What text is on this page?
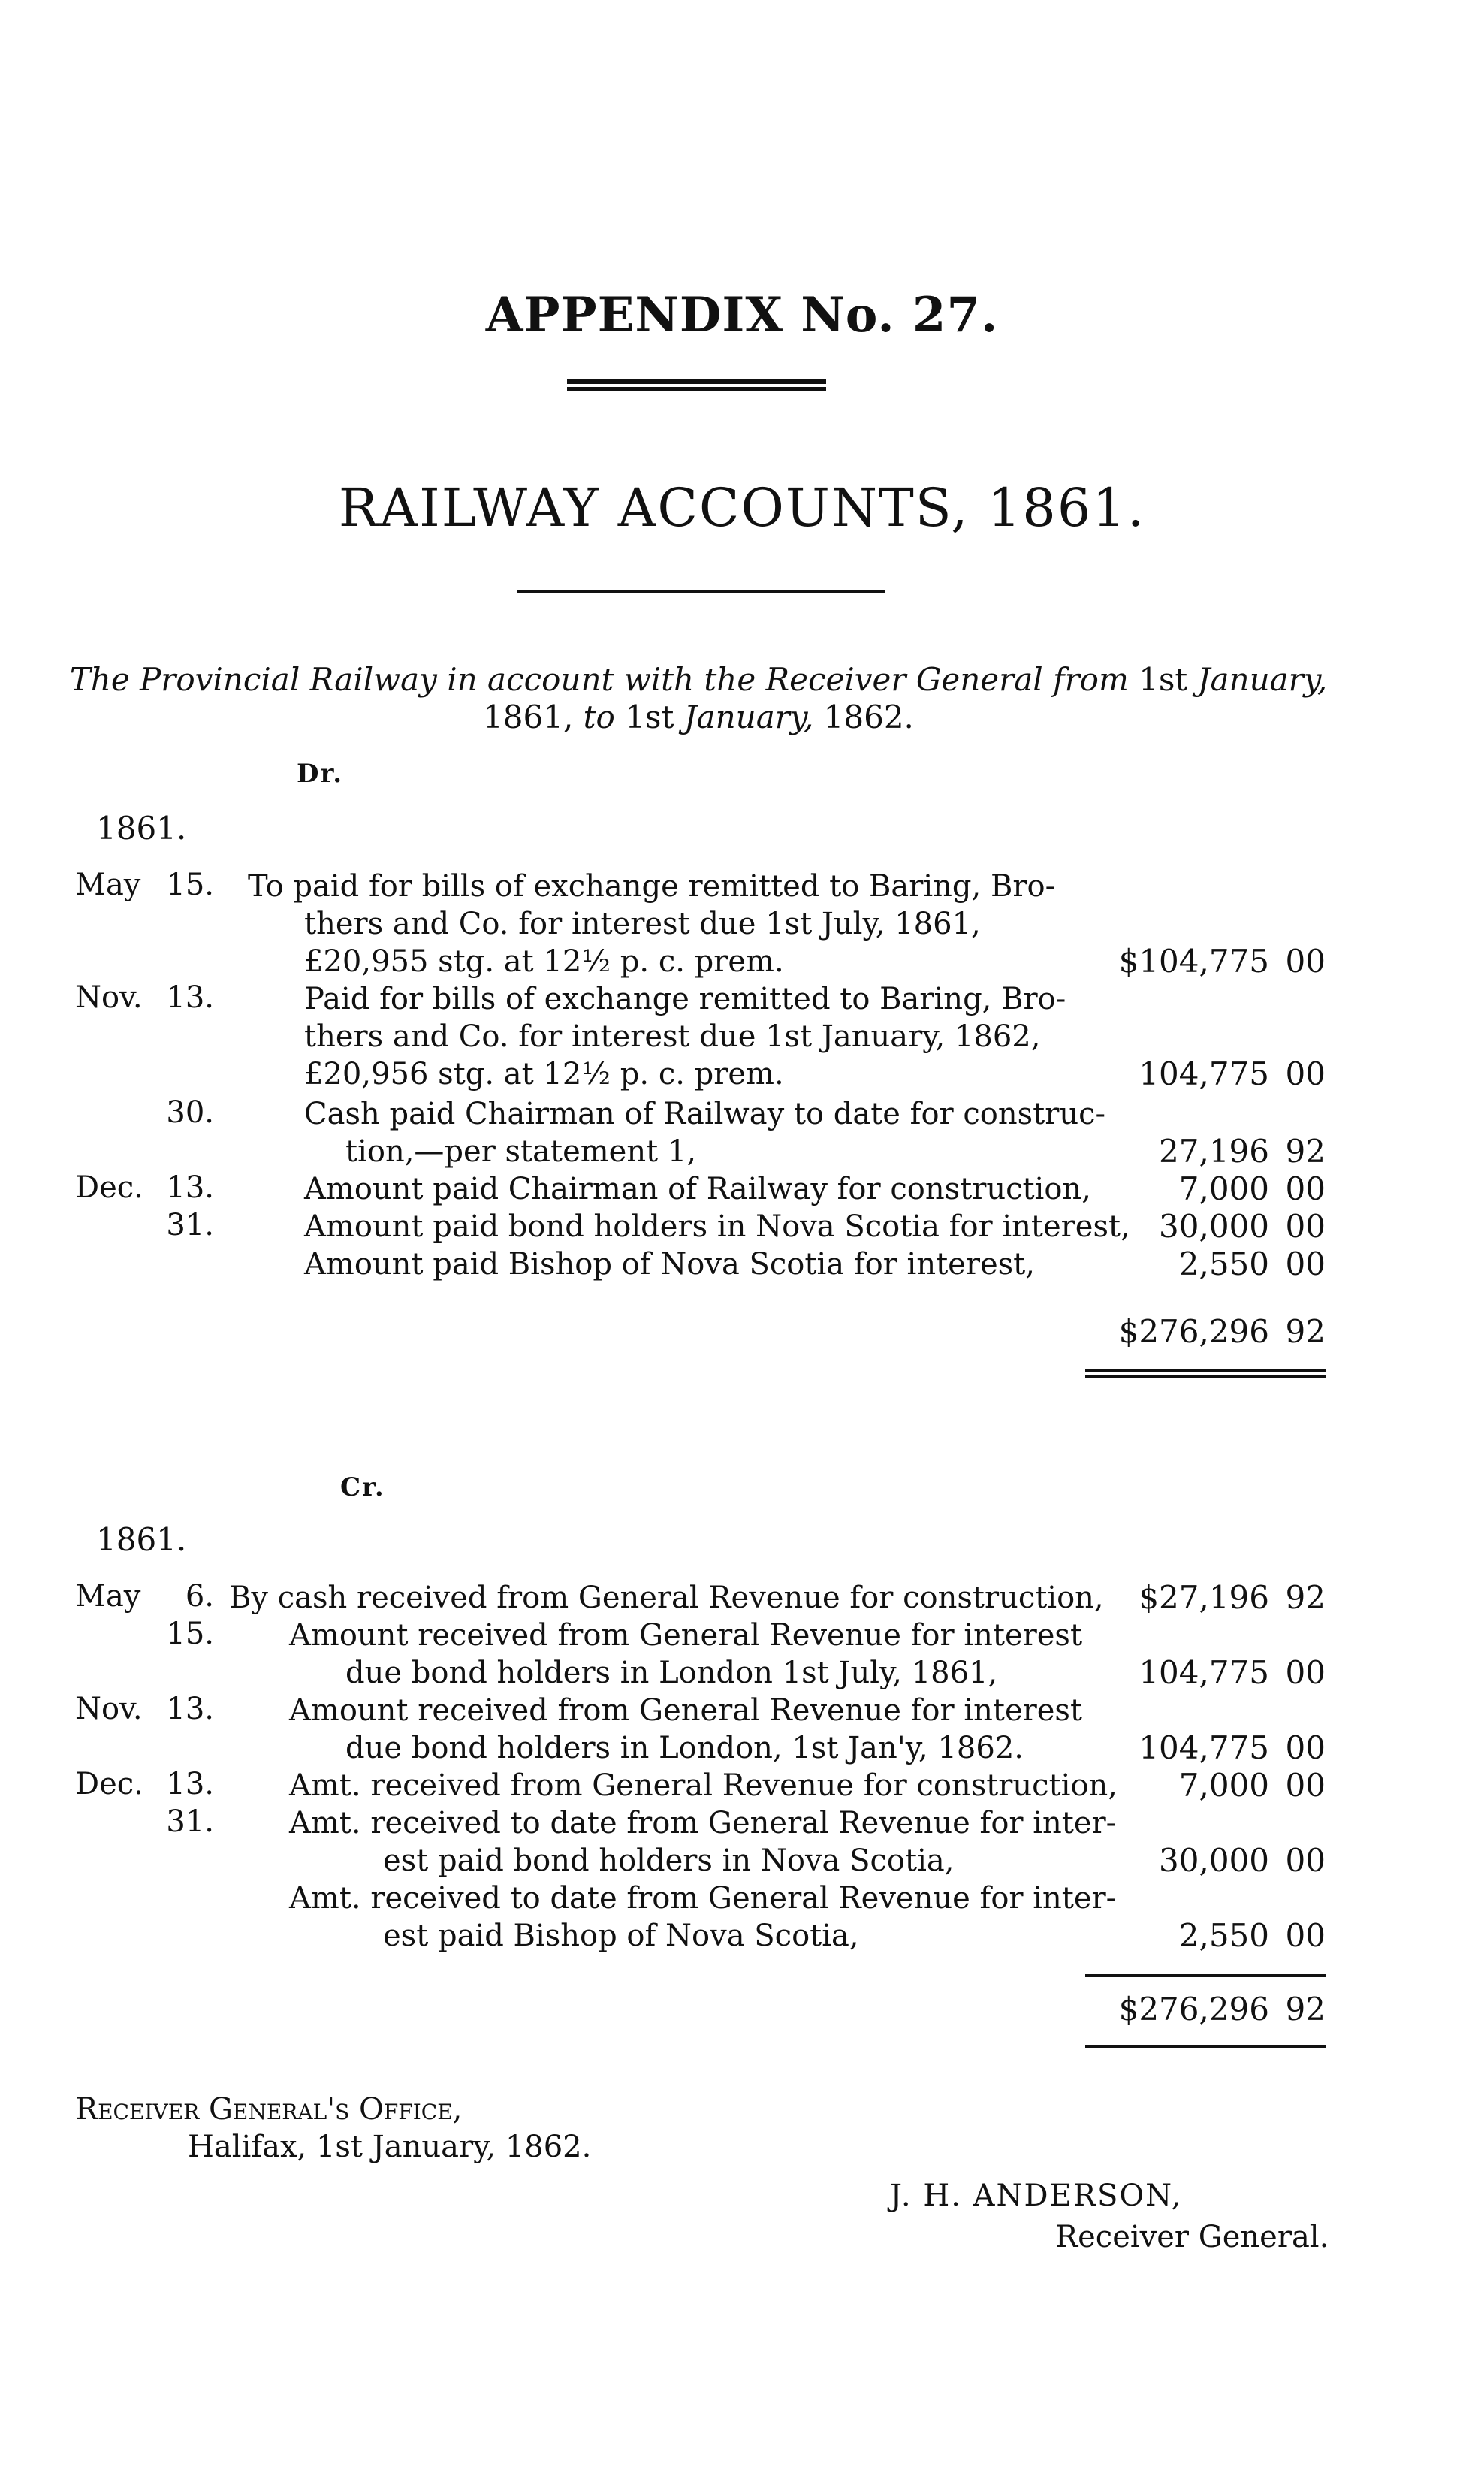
APPENDIX No. 27.
RAILWAY ACCOUNTS, 1861.
The Provincial Railway in account with the Receiver General from 1st January,
1861, to 1st January, 1862.
Dr.
1861.
May 15. To paid for bills of exchange remitted to Baring, Bro-
thers and Co. for interest due 1st July, 1861,
£20,955 stg. at 12½ p. c. prem.	$104,775 00
Nov. 13.	Paid for bills of exchange remitted to Baring, Bro-
thers and Co. for interest due 1st January, 1862,
£20,956 stg. at 12½ p. c. prem.	104,775 00
30.	Cash paid Chairman of Railway to date for construc-
tion,—per statement 1,	27,196 92
Dec. 13.	Amount paid Chairman of Railway for construction,	7,000 00
31.	Amount paid bond holders in Nova Scotia for interest, 30,000 00
Amount paid Bishop of Nova Scotia for interest,	2,550 00
$276,296 92
Cr.
1861.
May	6. By cash received from General Revenue for construction,	$27,196 92
15.	Amount received from General Revenue for interest
due bond holders in London 1st July, 1861,	104,775 00
Nov. 13.	Amount received from General Revenue for interest
due bond holders in London, 1st Jan'y, 1862.	104,775 00
Dec. 13.	Amt. received from General Revenue for construction,	7,000 00
31.	Amt. received to date from General Revenue for inter-
est paid bond holders in Nova Scotia,	30,000 00
Amt. received to date from General Revenue for inter-
est paid Bishop of Nova Scotia,	2,550 00
$276,296 92
Receiver General's Office,
Halifax, 1st January, 1862.
J. H. ANDERSON,
Receiver General.
